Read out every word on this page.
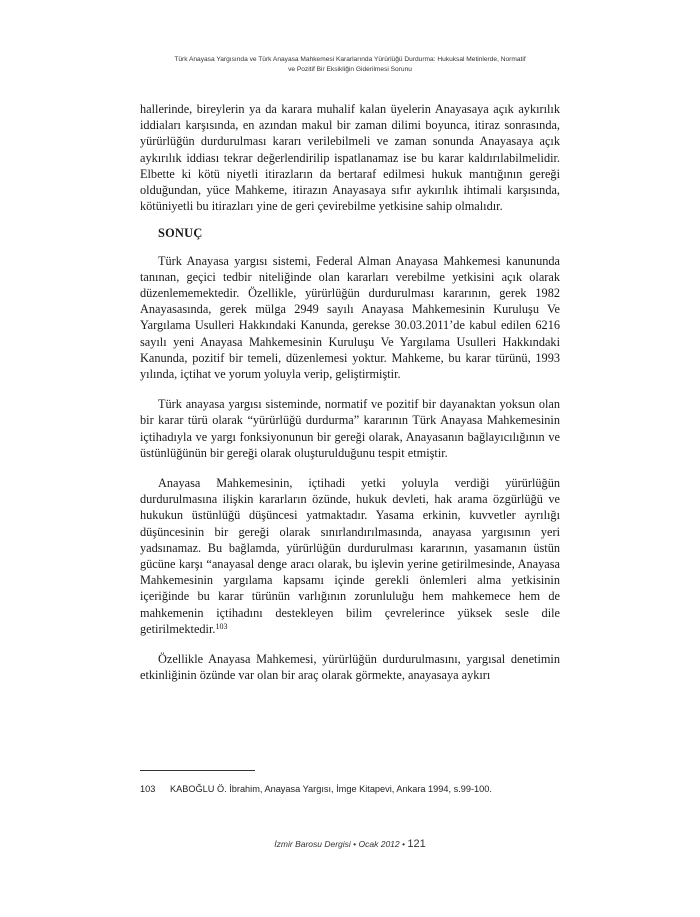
Türk Anayasa Yargısında ve Türk Anayasa Mahkemesi Kararlarında Yürürlüğü Durdurma: Hukuksal Metinlerde, Normatif
ve Pozitif Bir Eksikliğin Giderilmesi Sorunu

hallerinde, bireylerin ya da karara muhalif kalan üyelerin Anayasaya açık aykırılık iddiaları karşısında, en azından makul bir zaman dilimi boyunca, itiraz sonrasında, yürürlüğün durdurulması kararı verilebilmeli ve zaman sonunda Anayasaya açık aykırılık iddiası tekrar değerlendirilip ispatlanamaz ise bu karar kaldırılabilmelidir. Elbette ki kötü niyetli itirazların da bertaraf edilmesi hukuk mantığının gereği olduğundan, yüce Mahkeme, itirazın Anayasaya sıfır aykırılık ihtimali karşısında, kötüniyetli bu itirazları yine de geri çevirebilme yetkisine sahip olmalıdır.

SONUÇ

Türk Anayasa yargısı sistemi, Federal Alman Anayasa Mahkemesi kanununda tanınan, geçici tedbir niteliğinde olan kararları verebilme yetkisini açık olarak düzenlememektedir. Özellikle, yürürlüğün durdurulması kararının, gerek 1982 Anayasasında, gerek mülga 2949 sayılı Anayasa Mahkemesinin Kuruluşu Ve Yargılama Usulleri Hakkındaki Kanunda, gerekse 30.03.2011’de kabul edilen 6216 sayılı yeni Anayasa Mahkemesinin Kuruluşu Ve Yargılama Usulleri Hakkındaki Kanunda, pozitif bir temeli, düzenlemesi yoktur. Mahkeme, bu karar türünü, 1993 yılında, içtihat ve yorum yoluyla verip, geliştirmiştir.

Türk anayasa yargısı sisteminde, normatif ve pozitif bir dayanaktan yoksun olan bir karar türü olarak “yürürlüğü durdurma” kararının Türk Anayasa Mahkemesinin içtihadıyla ve yargı fonksiyonunun bir gereği olarak, Anayasanın bağlayıcılığının ve üstünlüğünün bir gereği olarak oluşturulduğunu tespit etmiştir.

Anayasa Mahkemesinin, içtihadi yetki yoluyla verdiği yürürlüğün durdurulmasına ilişkin kararların özünde, hukuk devleti, hak arama özgürlüğü ve hukukun üstünlüğü düşüncesi yatmaktadır. Yasama erkinin, kuvvetler ayrılığı düşüncesinin bir gereği olarak sınırlandırılmasında, anayasa yargısının yeri yadsınamaz. Bu bağlamda, yürürlüğün durdurulması kararının, yasamanın üstün gücüne karşı “anayasal denge aracı olarak, bu işlevin yerine getirilmesinde, Anayasa Mahkemesinin yargılama kapsamı içinde gerekli önlemleri alma yetkisinin içeriğinde bu karar türünün varlığının zorunluluğu hem mahkemece hem de mahkemenin içtihadını destekleyen bilim çevrelerince yüksek sesle dile getirilmektedir.$^{103}$

Özellikle Anayasa Mahkemesi, yürürlüğün durdurulmasını, yargısal denetimin etkinliğinin özünde var olan bir araç olarak görmekte, anayasaya aykırı

103 KABOĞLU Ö. İbrahim, Anayasa Yargısı, İmge Kitapevi, Ankara 1994, s.99-100.
İzmir Barosu Dergisi • Ocak 2012 • 121
